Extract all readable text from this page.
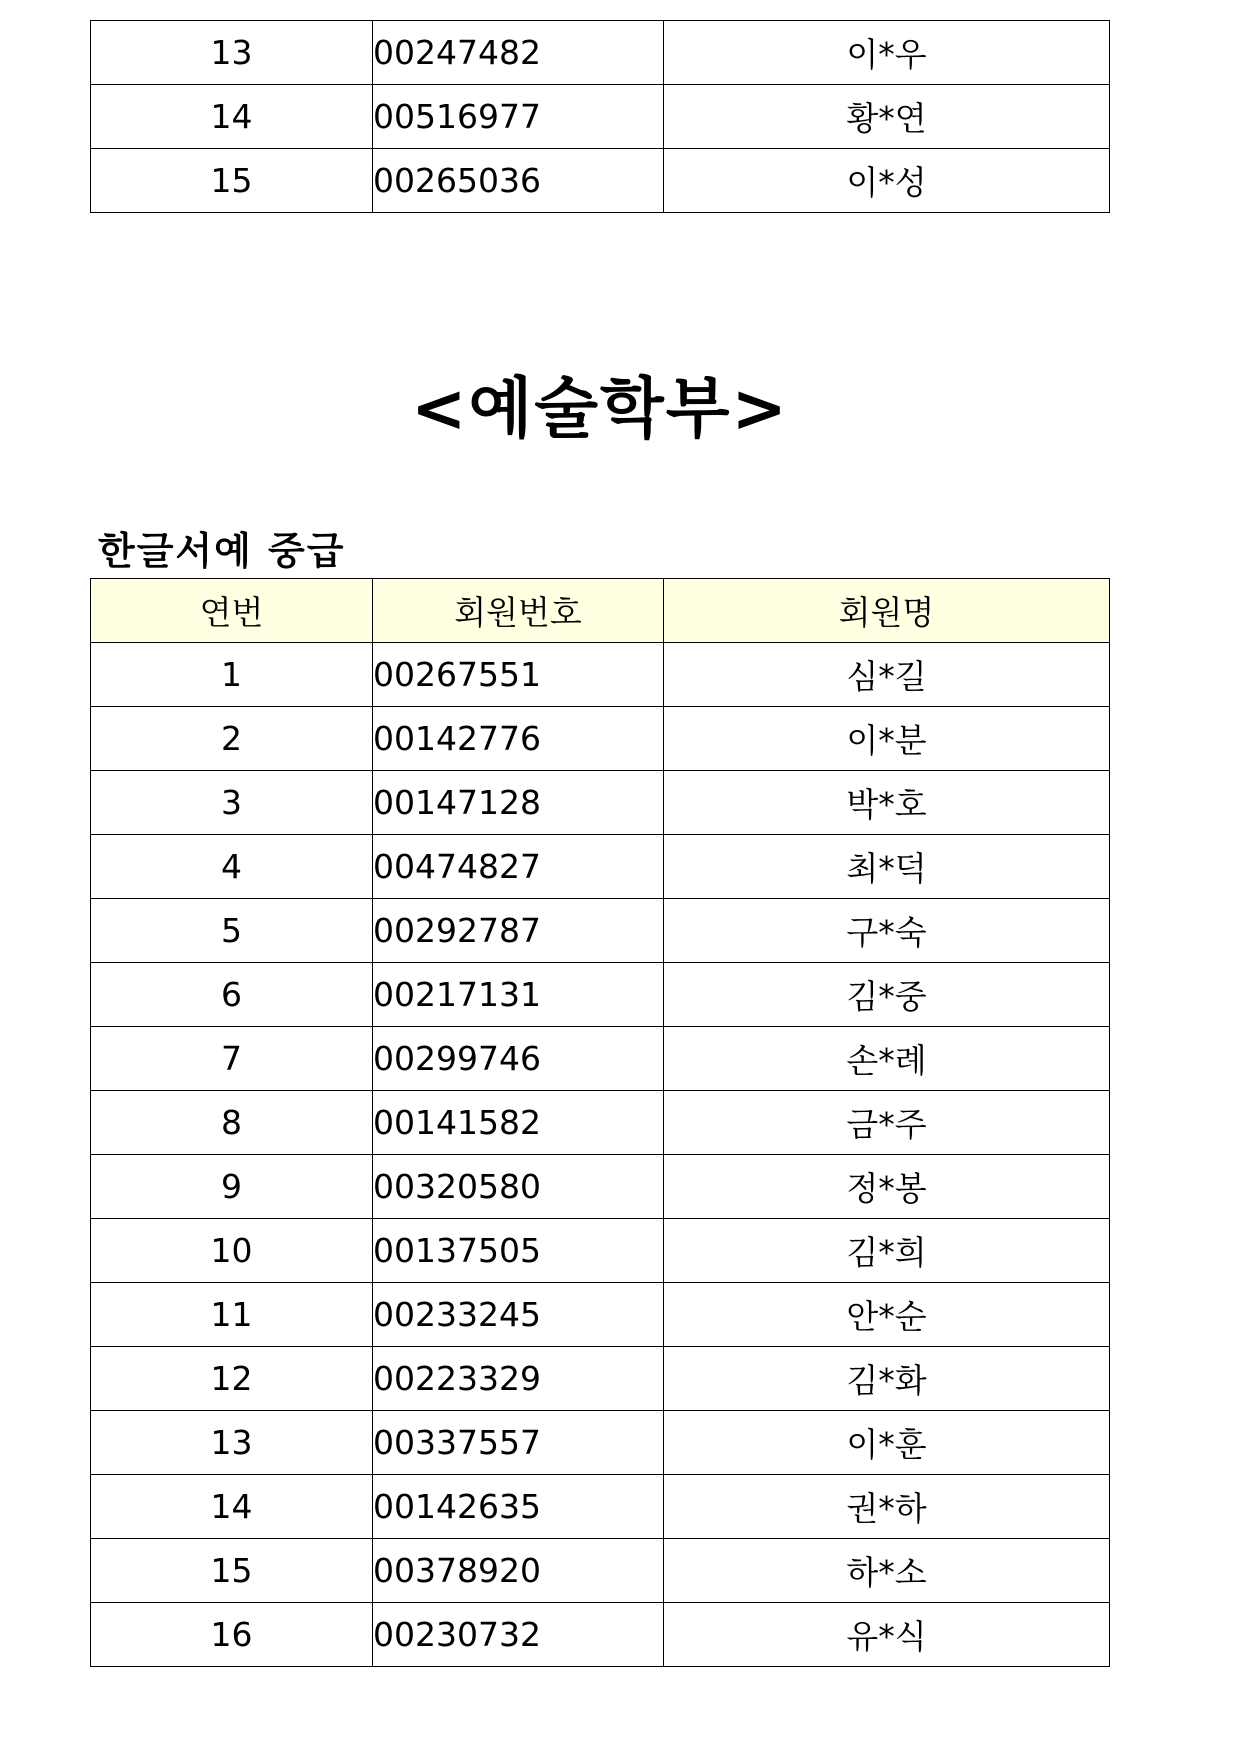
13	00247482	이*우
14	00516977	황*연
15	00265036	이*성
<예술학부>
한글서예 중급
연번	회원번호	회원명
1	00267551	심*길
2	00142776	이*분
3	00147128	박*호
4	00474827	최*덕
5	00292787	구*숙
6	00217131	김*중
7	00299746	손*례
8	00141582	금*주
9	00320580	정*봉
10	00137505	김*희
11	00233245	안*순
12	00223329	김*화
13	00337557	이*훈
14	00142635	권*하
15	00378920	하*소
16	00230732	유*식
